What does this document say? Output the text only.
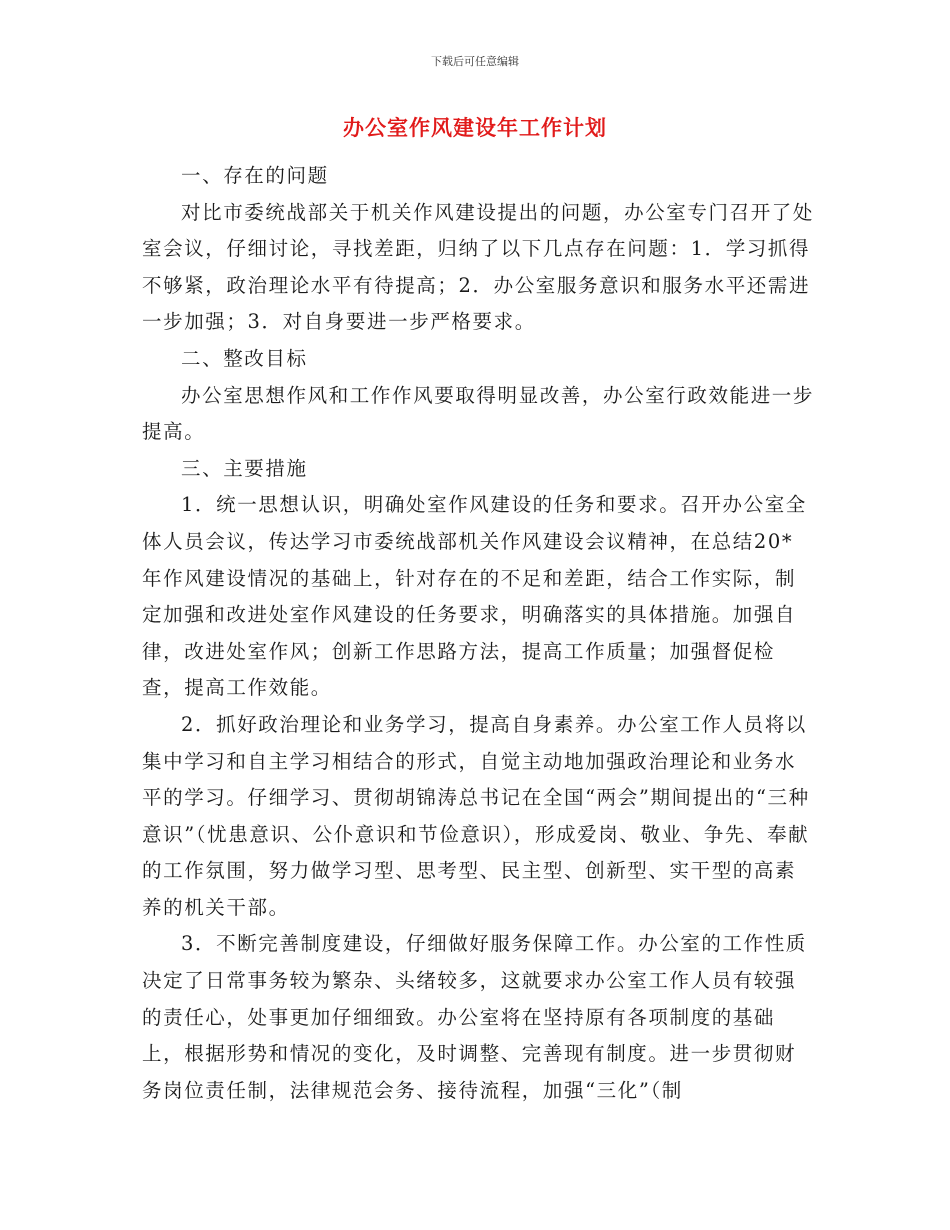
下载后可任意编辑
办公室作风建设年工作计划

一、存在的问题

对比市委统战部关于机关作风建设提出的问题，办公室专门召开了处室会议，仔细讨论，寻找差距，归纳了以下几点存在问题：1．学习抓得不够紧，政治理论水平有待提高；2．办公室服务意识和服务水平还需进一步加强；3．对自身要进一步严格要求。

二、整改目标

办公室思想作风和工作作风要取得明显改善，办公室行政效能进一步提高。

三、主要措施

1．统一思想认识，明确处室作风建设的任务和要求。召开办公室全体人员会议，传达学习市委统战部机关作风建设会议精神，在总结20*年作风建设情况的基础上，针对存在的不足和差距，结合工作实际，制定加强和改进处室作风建设的任务要求，明确落实的具体措施。加强自律，改进处室作风；创新工作思路方法，提高工作质量；加强督促检查，提高工作效能。

2．抓好政治理论和业务学习，提高自身素养。办公室工作人员将以集中学习和自主学习相结合的形式，自觉主动地加强政治理论和业务水平的学习。仔细学习、贯彻胡锦涛总书记在全国“两会”期间提出的“三种意识”（忧患意识、公仆意识和节俭意识），形成爱岗、敬业、争先、奉献的工作氛围，努力做学习型、思考型、民主型、创新型、实干型的高素养的机关干部。

3．不断完善制度建设，仔细做好服务保障工作。办公室的工作性质决定了日常事务较为繁杂、头绪较多，这就要求办公室工作人员有较强的责任心，处事更加仔细细致。办公室将在坚持原有各项制度的基础上，根据形势和情况的变化，及时调整、完善现有制度。进一步贯彻财务岗位责任制，法律规范会务、接待流程，加强“三化”（制
